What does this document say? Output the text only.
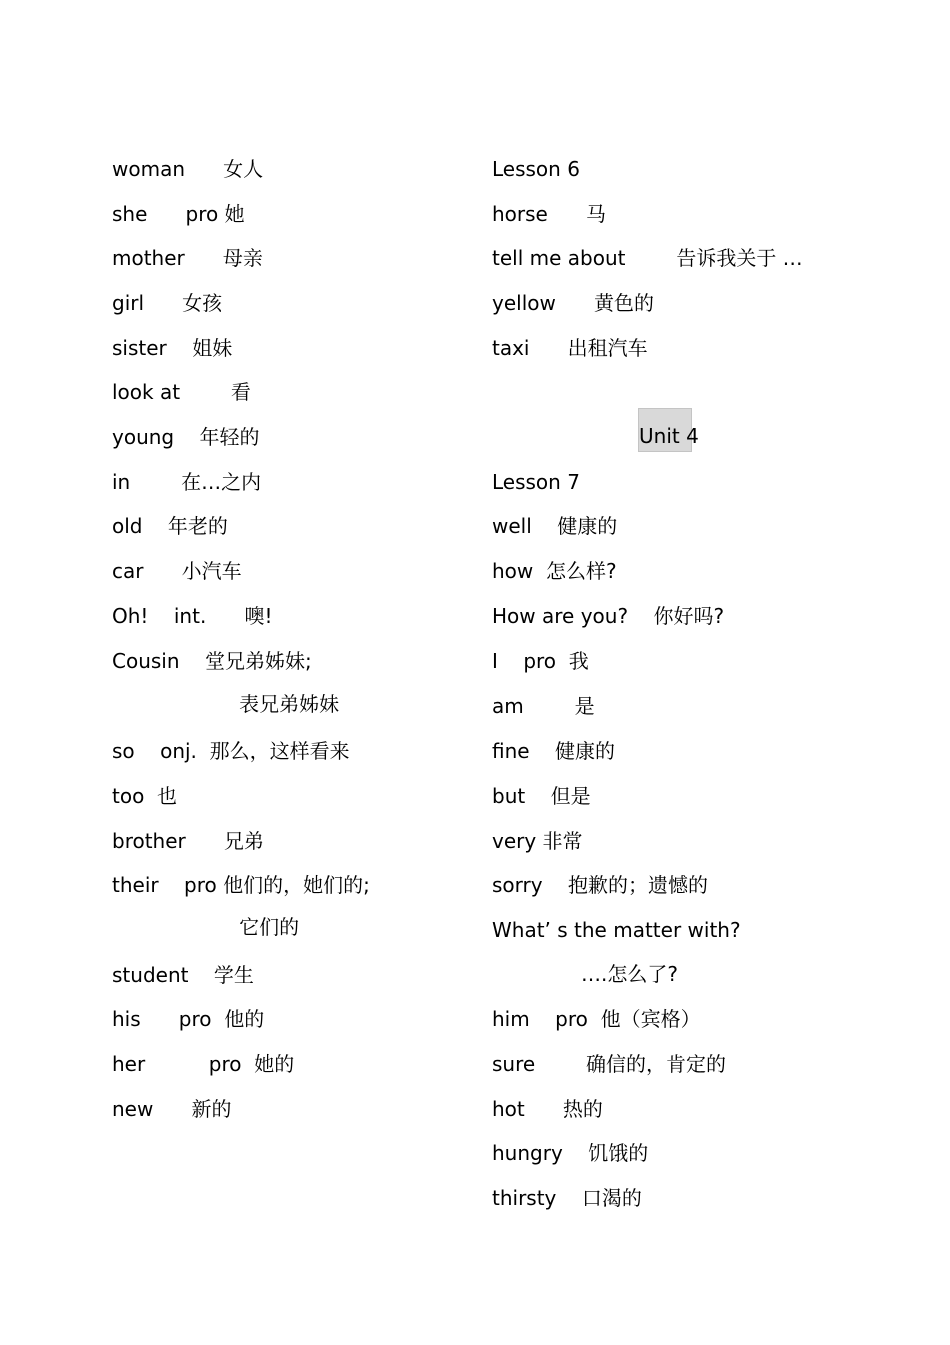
woman      女人
she      pro 她
mother      母亲
girl      女孩
sister    姐妹
look at        看
young    年轻的
in        在…之内
old    年老的
car      小汽车
Oh!    int.      噢!
Cousin    堂兄弟姊妹;
表兄弟姊妹
so    onj.  那么，这样看来
too  也
brother      兄弟
their    pro 他们的，她们的;
它们的
student    学生
his      pro  他的
her          pro  她的
new      新的
Lesson 6
horse      马
tell me about        告诉我关于 …
yellow      黄色的
taxi      出租汽车
Unit 4
Lesson 7
well    健康的
how  怎么样?
How are you?    你好吗?
I    pro  我
am        是
fine    健康的
but    但是
very 非常
sorry    抱歉的；遗憾的
What’ s the matter with?
….怎么了?
him    pro  他（宾格）
sure        确信的，肯定的
hot      热的
hungry    饥饿的
thirsty    口渴的
